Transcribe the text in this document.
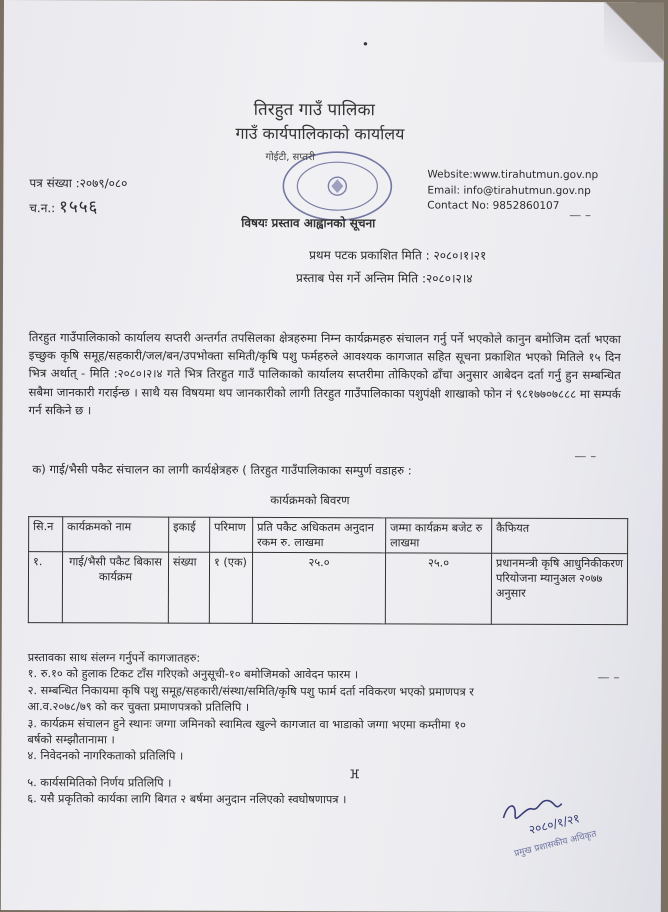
•
तिरहुत गाउँ पालिका
गाउँ कार्यपालिकाको कार्यालय
गोईटी, सप्तरी
पत्र संख्या :२०७९/०८०
च.न.: १५५६
Website:www.tirahutmun.gov.np
Email: info@tirahutmun.gov.np
Contact No: 9852860107
— –
विषयः प्रस्ताव आह्वानको सूचना
प्रथम पटक प्रकाशित मिति : २०८०।१।२१
प्रस्ताब पेस गर्ने अन्तिम मिति :२०८०।२।४
तिरहुत गाउँपालिकाको कार्यालय सप्तरी अन्तर्गत तपसिलका क्षेत्रहरुमा निम्न कार्यक्रमहरु संचालन गर्नु पर्ने भएकोले कानुन बमोजिम दर्ता भएका इच्छुक कृषि समूह/सहकारी/जल/बन/उपभोक्ता समिती/कृषि पशु फर्महरुले आवश्यक कागजात सहित सूचना प्रकाशित भएको मितिले १५ दिन भित्र अर्थात् - मिति :२०८०।२।४ गते भित्र तिरहुत गाउँ पालिकाको कार्यालय सप्तरीमा तोकिएको ढाँचा अनुसार आबेदन दर्ता गर्नु हुन सम्बन्धित सबैमा जानकारी गराईन्छ । साथै यस विषयमा थप जानकारीको लागी तिरहुत गाउँपालिकाका पशुपंक्षी शाखाको फोन नं ९८१७७०७८८८ मा सम्पर्क गर्न सकिने छ ।
— –
क) गाई/भैसी पकैट संचालन का लागी कार्यक्षेत्रहरु ( तिरहुत गाउँपालिकाका सम्पुर्ण वडाहरु :
कार्यक्रमको बिवरण
सि.न	कार्यक्रमको नाम	इकाई	परिमाण	प्रति पकैट अधिकतम अनुदान रकम रु. लाखमा	जम्मा कार्यक्रम बजेट रु लाखमा	कैफियत
१.	गाई/भैसी पकैट बिकास कार्यक्रम	संख्या	१ (एक)	२५.०	२५.०	प्रधानमन्त्री कृषि आधुनिकीकरण परियोजना म्यानुअल २०७७ अनुसार
प्रस्तावका साथ संलग्न गर्नुपर्ने कागजातहरु:
१. रु.१० को हुलाक टिकट टाँस गरिएको अनुसूची-१० बमोजिमको आवेदन फारम ।
२. सम्बन्धित निकायमा कृषि पशु समूह/सहकारी/संस्था/समिति/कृषि पशु फार्म दर्ता नविकरण भएको प्रमाणपत्र र
आ.व.२०७८/७९ को कर चुक्ता प्रमाणपत्रको प्रतिलिपि ।
३. कार्यक्रम संचालन हुने स्थानः जग्गा जमिनको स्वामित्व खुल्ने कागजात वा भाडाको जग्गा भएमा कम्तीमा १०
बर्षको सम्झौतानामा ।
४. निवेदनको नागरिकताको प्रतिलिपि ।
५. कार्यसमितिको निर्णय प्रतिलिपि ।
६. यसै प्रकृतिको कार्यका लागि बिगत २ बर्षमा अनुदान नलिएको स्वघोषणापत्र ।
— –
ⴼ
२०८०/१/२१
प्रमुख प्रशासकीय अधिकृत
